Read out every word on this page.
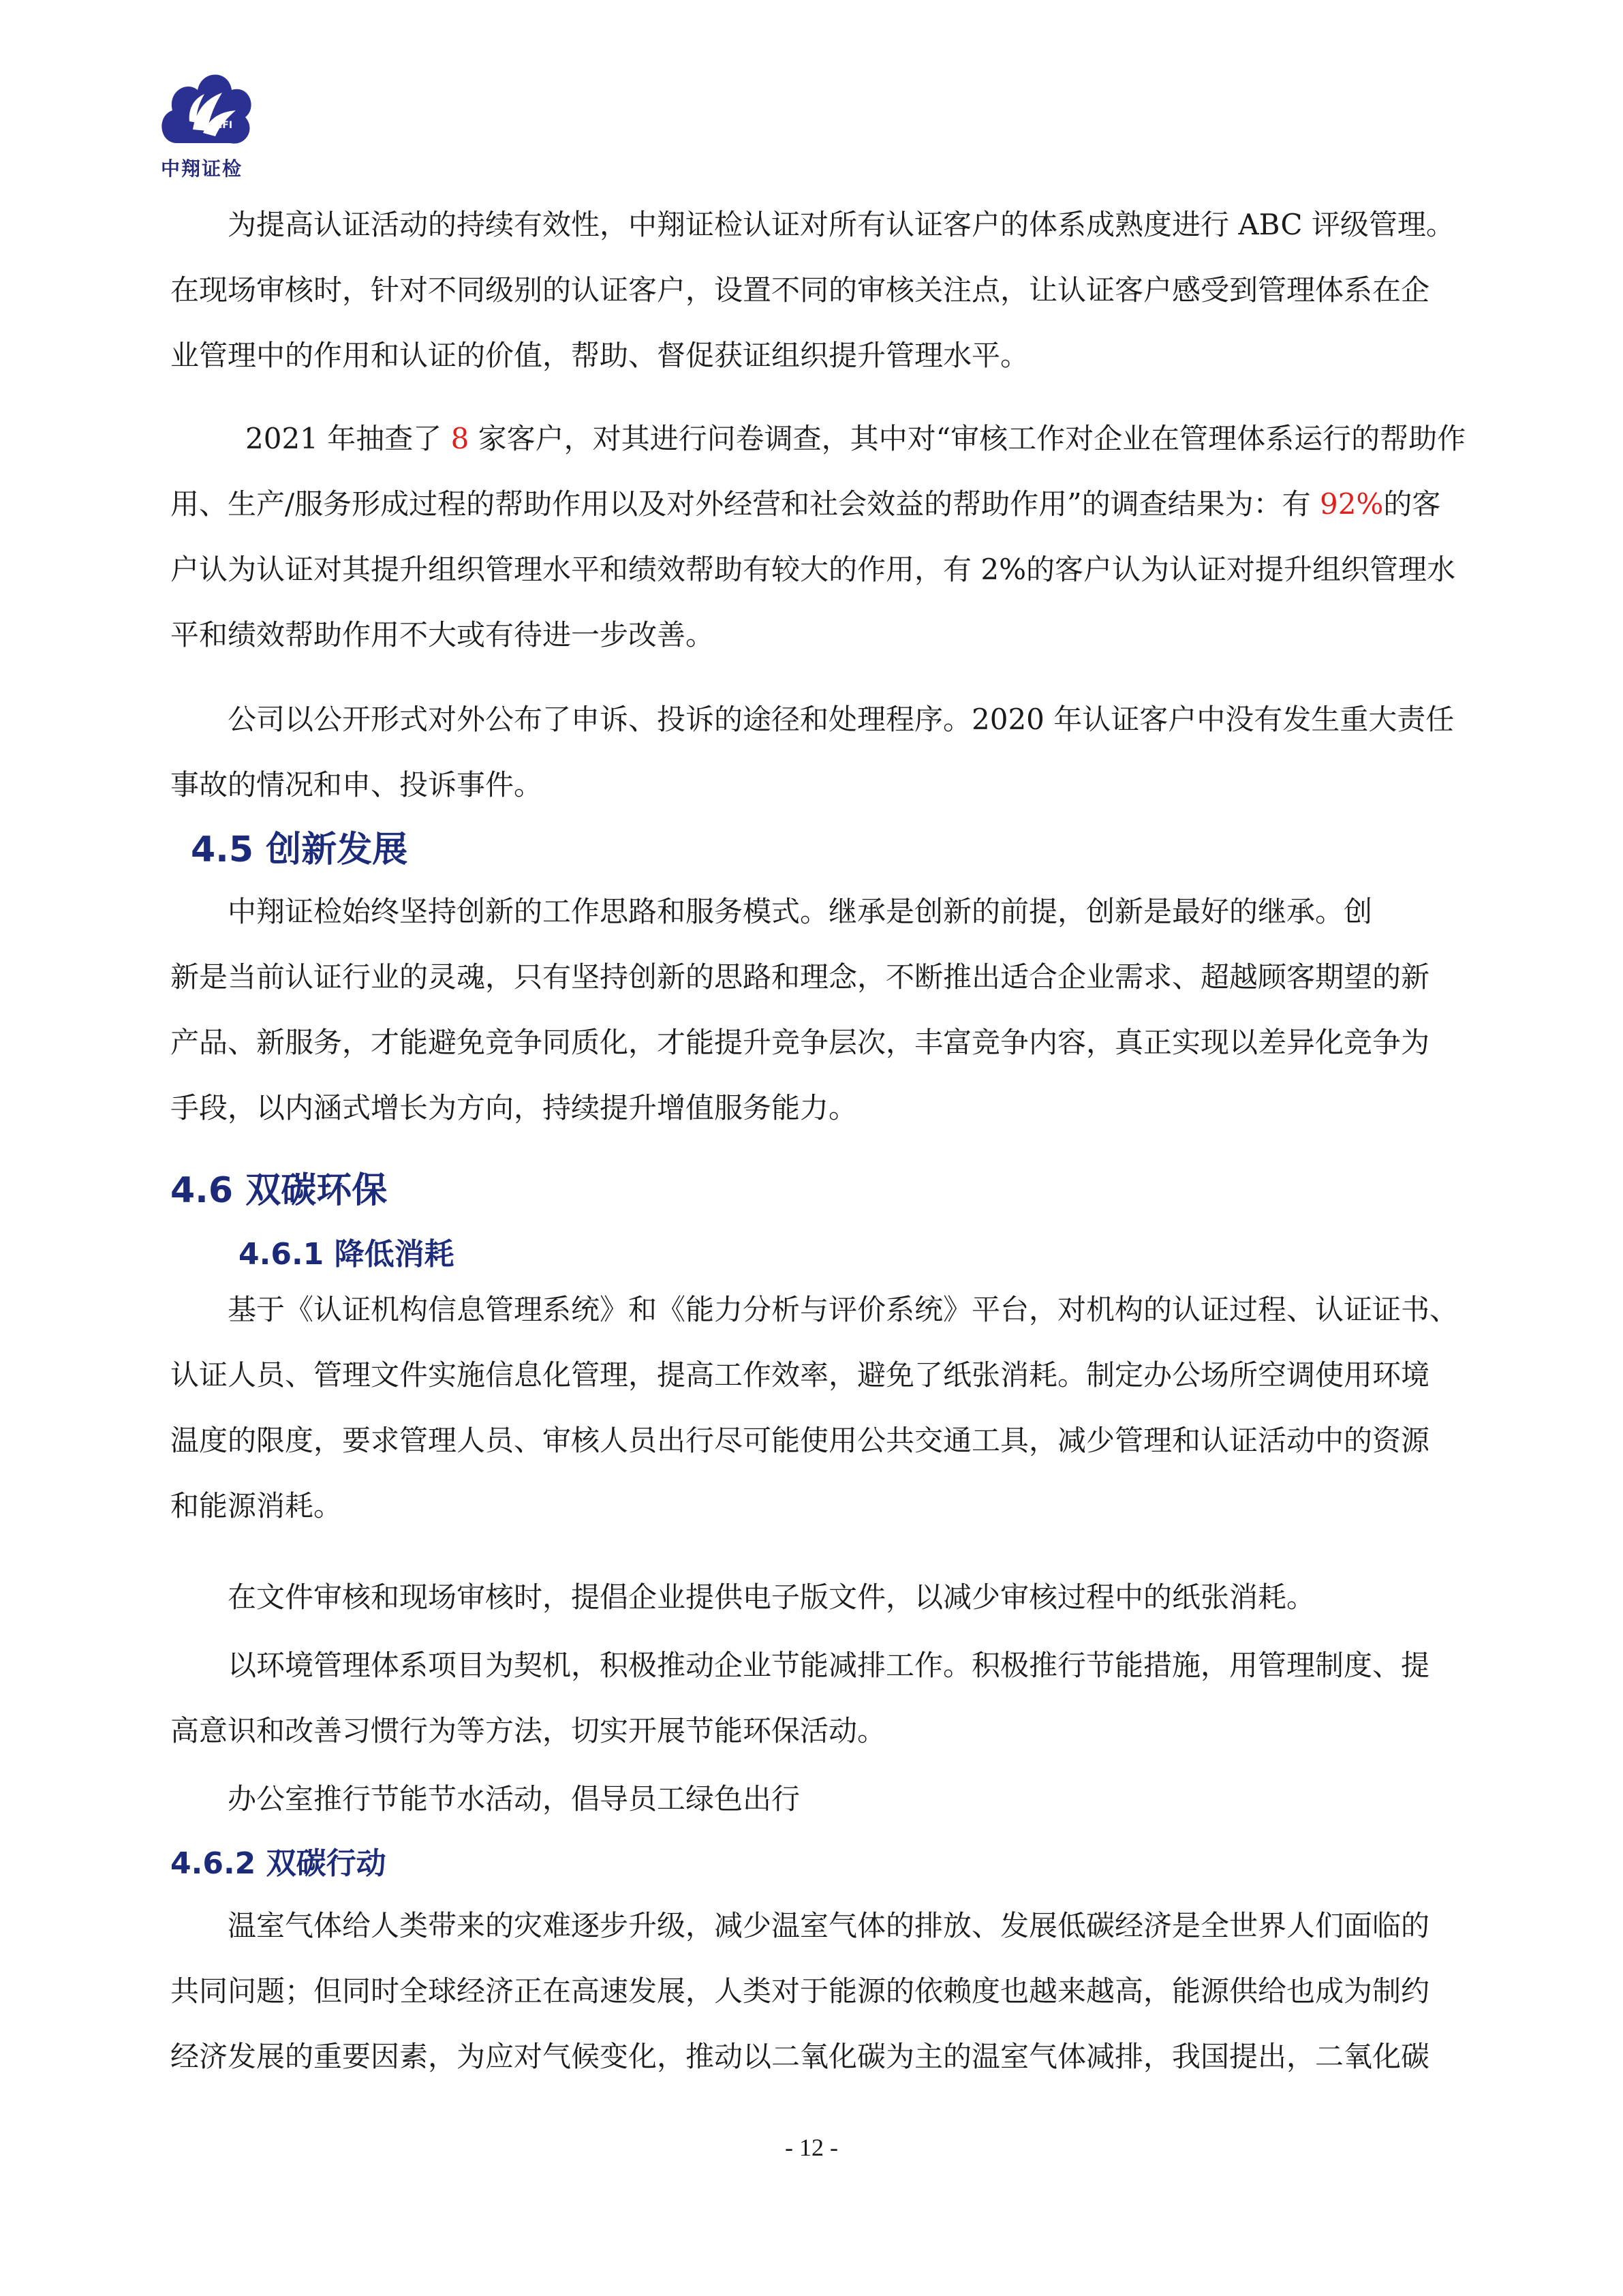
CFI
中翔证检

为提高认证活动的持续有效性，中翔证检认证对所有认证客户的体系成熟度进行 ABC 评级管理。
在现场审核时，针对不同级别的认证客户，设置不同的审核关注点，让认证客户感受到管理体系在企
业管理中的作用和认证的价值，帮助、督促获证组织提升管理水平。

2021 年抽查了 8 家客户，对其进行问卷调查，其中对“审核工作对企业在管理体系运行的帮助作
用、生产/服务形成过程的帮助作用以及对外经营和社会效益的帮助作用”的调查结果为：有 92%的客
户认为认证对其提升组织管理水平和绩效帮助有较大的作用，有 2%的客户认为认证对提升组织管理水
平和绩效帮助作用不大或有待进一步改善。

公司以公开形式对外公布了申诉、投诉的途径和处理程序。2020 年认证客户中没有发生重大责任
事故的情况和申、投诉事件。

4.5 创新发展

中翔证检始终坚持创新的工作思路和服务模式。继承是创新的前提，创新是最好的继承。创
新是当前认证行业的灵魂，只有坚持创新的思路和理念，不断推出适合企业需求、超越顾客期望的新
产品、新服务，才能避免竞争同质化，才能提升竞争层次，丰富竞争内容，真正实现以差异化竞争为
手段，以内涵式增长为方向，持续提升增值服务能力。

4.6 双碳环保
4.6.1 降低消耗

基于《认证机构信息管理系统》和《能力分析与评价系统》平台，对机构的认证过程、认证证书、
认证人员、管理文件实施信息化管理，提高工作效率，避免了纸张消耗。制定办公场所空调使用环境
温度的限度，要求管理人员、审核人员出行尽可能使用公共交通工具，减少管理和认证活动中的资源
和能源消耗。

在文件审核和现场审核时，提倡企业提供电子版文件，以减少审核过程中的纸张消耗。

以环境管理体系项目为契机，积极推动企业节能减排工作。积极推行节能措施，用管理制度、提
高意识和改善习惯行为等方法，切实开展节能环保活动。

办公室推行节能节水活动，倡导员工绿色出行

4.6.2 双碳行动

温室气体给人类带来的灾难逐步升级，减少温室气体的排放、发展低碳经济是全世界人们面临的
共同问题；但同时全球经济正在高速发展，人类对于能源的依赖度也越来越高，能源供给也成为制约
经济发展的重要因素，为应对气候变化，推动以二氧化碳为主的温室气体减排，我国提出，二氧化碳

- 12 -
